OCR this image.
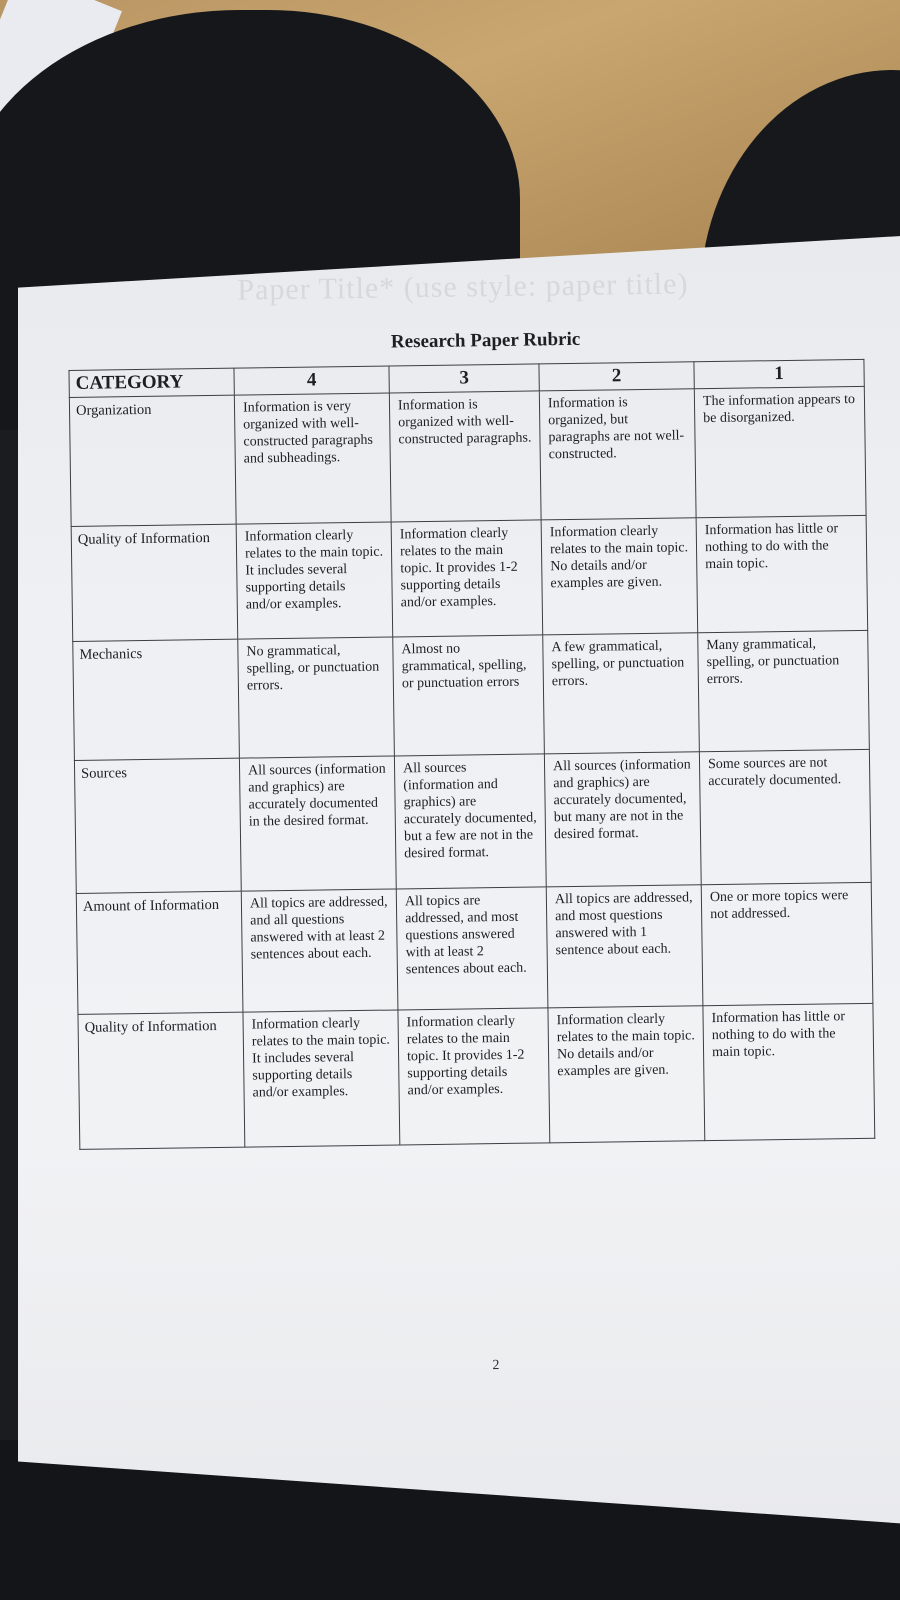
Paper Title* (use style: paper title)
Research Paper Rubric
CATEGORY	4	3	2	1
Organization	Information is very organized with well-constructed paragraphs and subheadings.	Information is organized with well-constructed paragraphs.	Information is organized, but paragraphs are not well-constructed.	The information appears to be disorganized.
Quality of Information	Information clearly relates to the main topic. It includes several supporting details and/or examples.	Information clearly relates to the main topic. It provides 1-2 supporting details and/or examples.	Information clearly relates to the main topic. No details and/or examples are given.	Information has little or nothing to do with the main topic.
Mechanics	No grammatical, spelling, or punctuation errors.	Almost no grammatical, spelling, or punctuation errors	A few grammatical, spelling, or punctuation errors.	Many grammatical, spelling, or punctuation errors.
Sources	All sources (information and graphics) are accurately documented in the desired format.	All sources (information and graphics) are accurately documented, but a few are not in the desired format.	All sources (information and graphics) are accurately documented, but many are not in the desired format.	Some sources are not accurately documented.
Amount of Information	All topics are addressed, and all questions answered with at least 2 sentences about each.	All topics are addressed, and most questions answered with at least 2 sentences about each.	All topics are addressed, and most questions answered with 1 sentence about each.	One or more topics were not addressed.
Quality of Information	Information clearly relates to the main topic. It includes several supporting details and/or examples.	Information clearly relates to the main topic. It provides 1-2 supporting details and/or examples.	Information clearly relates to the main topic. No details and/or examples are given.	Information has little or nothing to do with the main topic.
2
